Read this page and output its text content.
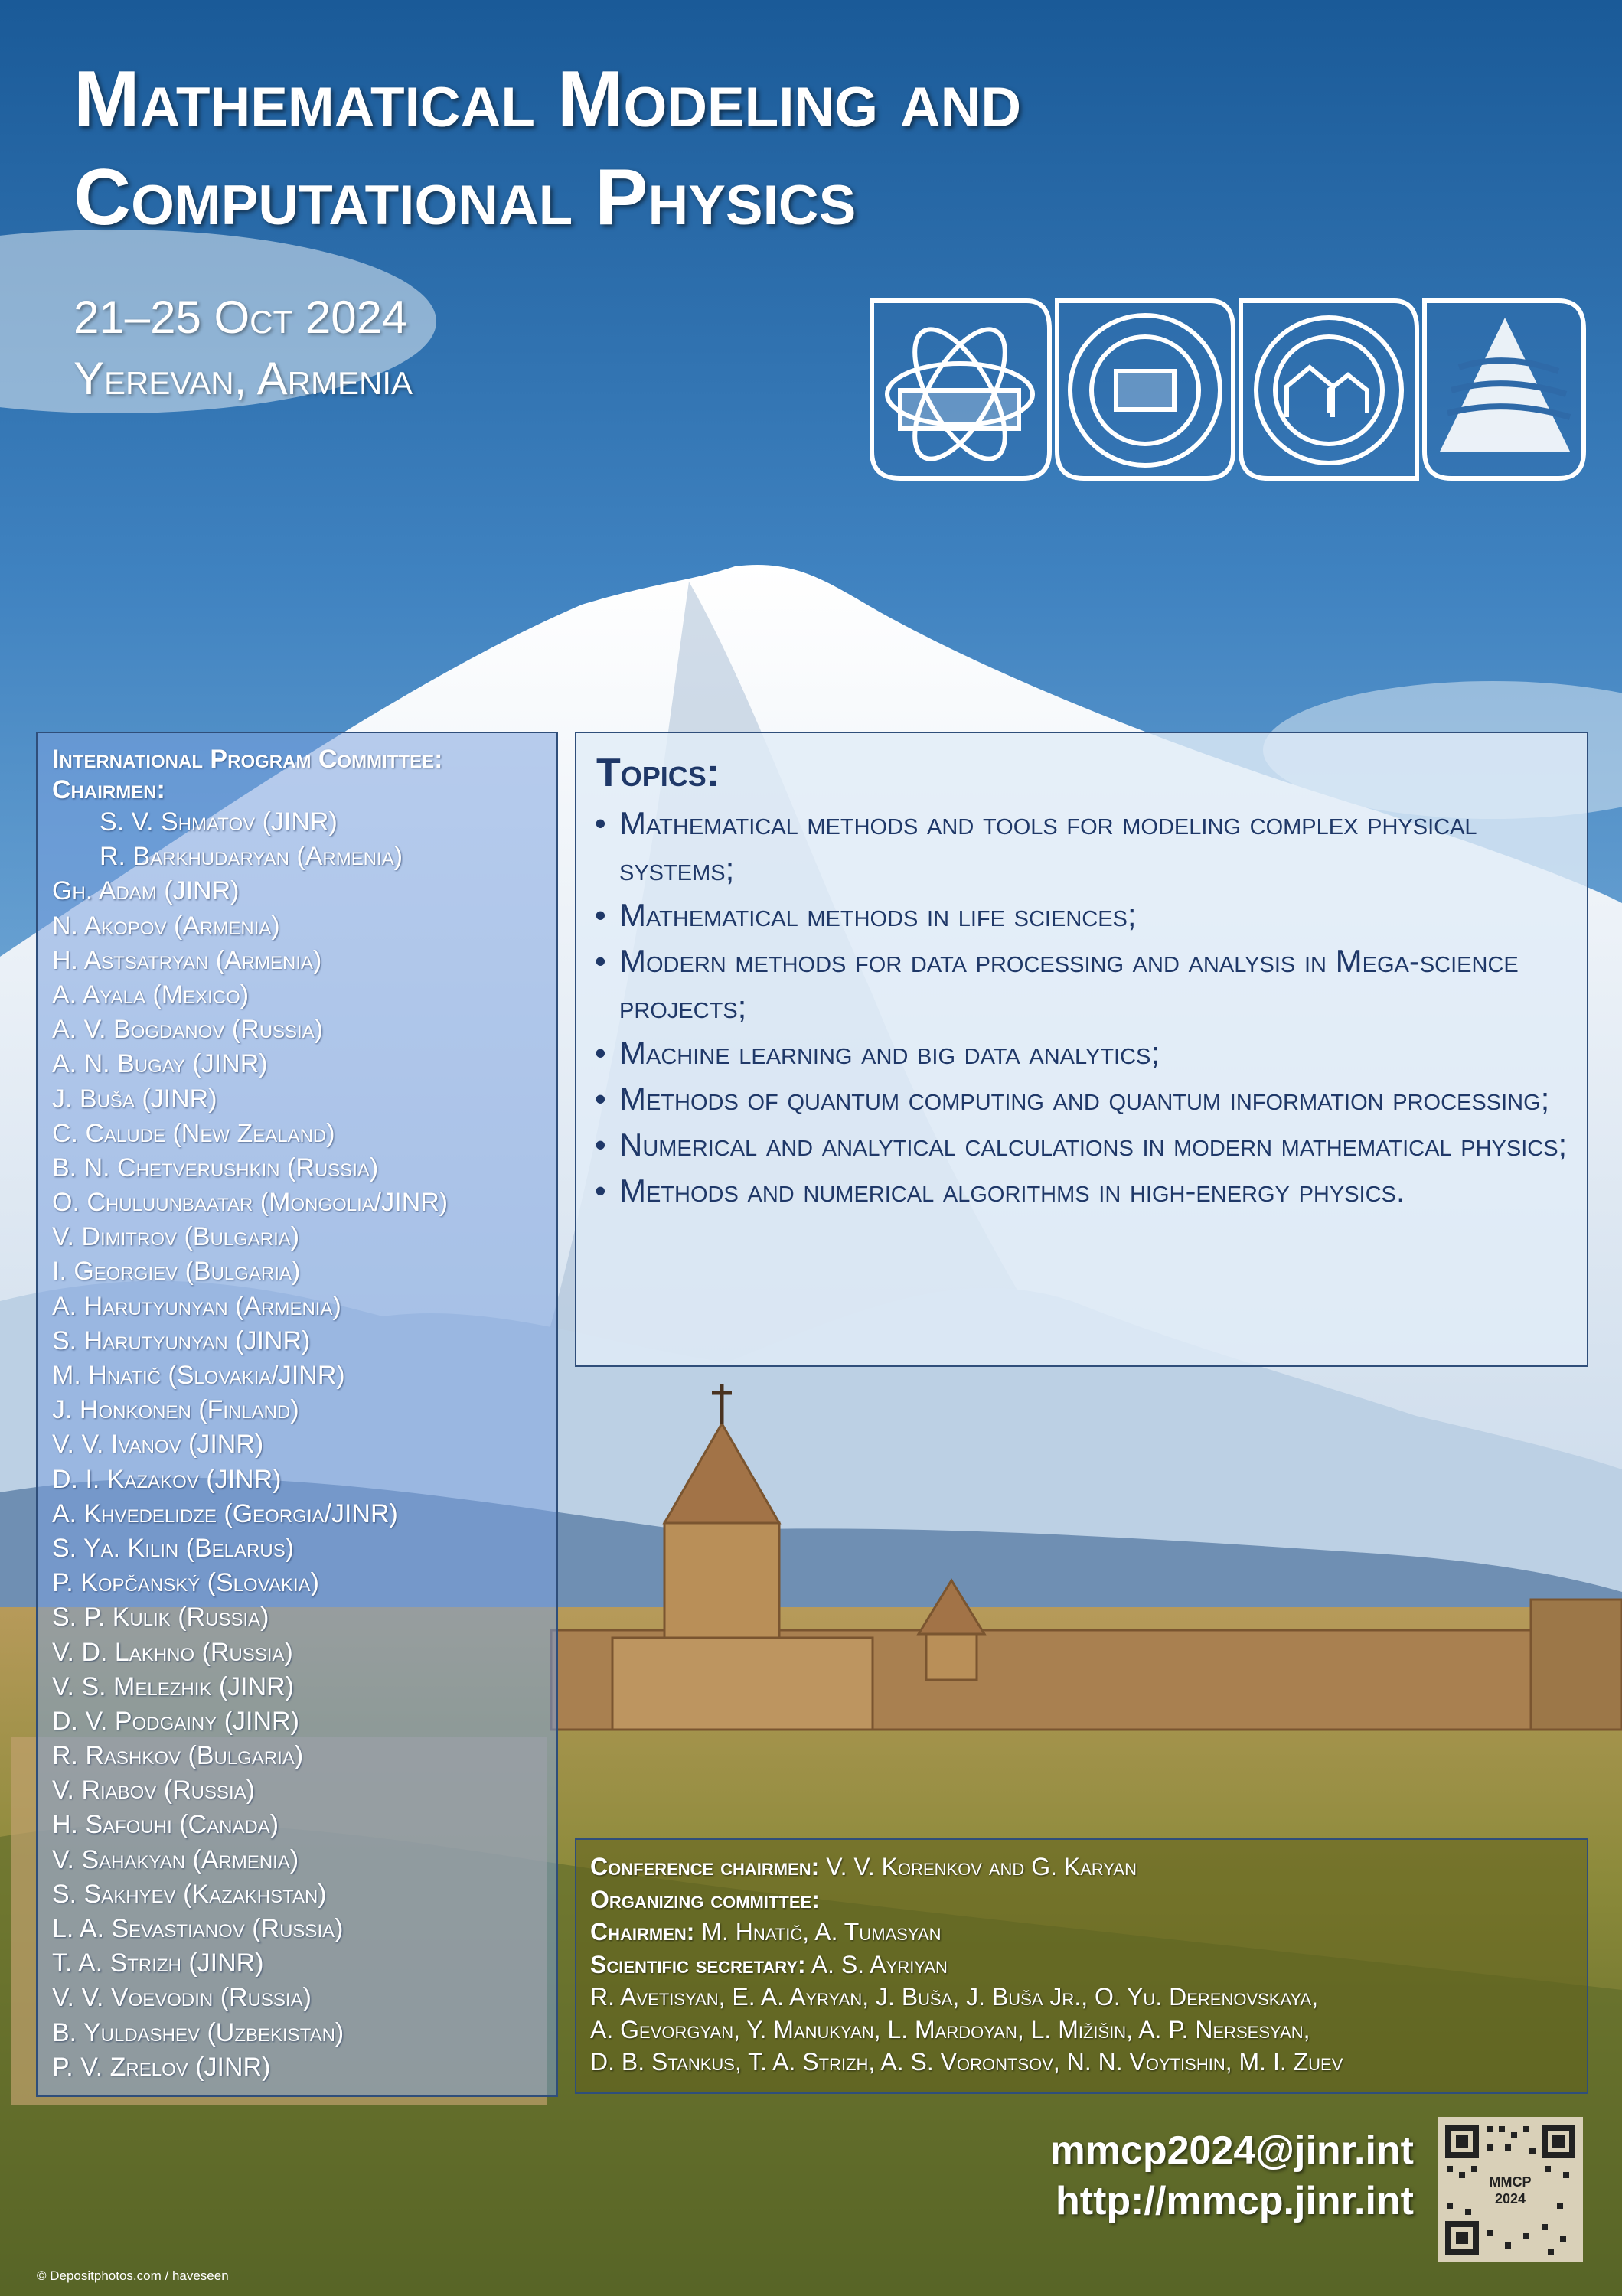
Mathematical Modeling and
Computational Physics
21–25 Oct 2024
Yerevan, Armenia
International Program Committee:
Chairmen:
S. V. Shmatov (JINR)
R. Barkhudaryan (Armenia)
Gh. Adam (JINR)
N. Akopov (Armenia)
H. Astsatryan (Armenia)
A. Ayala (Mexico)
A. V. Bogdanov (Russia)
A. N. Bugay (JINR)
J. Buša (JINR)
C. Calude (New Zealand)
B. N. Chetverushkin (Russia)
O. Chuluunbaatar (Mongolia/JINR)
V. Dimitrov (Bulgaria)
I. Georgiev (Bulgaria)
A. Harutyunyan (Armenia)
S. Harutyunyan (JINR)
M. Hnatič (Slovakia/JINR)
J. Honkonen (Finland)
V. V. Ivanov (JINR)
D. I. Kazakov (JINR)
A. Khvedelidze (Georgia/JINR)
S. Ya. Kilin (Belarus)
P. Kopčanský (Slovakia)
S. P. Kulik (Russia)
V. D. Lakhno (Russia)
V. S. Melezhik (JINR)
D. V. Podgainy (JINR)
R. Rashkov (Bulgaria)
V. Riabov (Russia)
H. Safouhi (Canada)
V. Sahakyan (Armenia)
S. Sakhyev (Kazakhstan)
L. A. Sevastianov (Russia)
T. A. Strizh (JINR)
V. V. Voevodin (Russia)
B. Yuldashev (Uzbekistan)
P. V. Zrelov (JINR)
Topics:
• Mathematical methods and tools for modeling complex physical systems;
• Mathematical methods in life sciences;
• Modern methods for data processing and analysis in Mega-science projects;
• Machine learning and big data analytics;
• Methods of quantum computing and quantum information processing;
• Numerical and analytical calculations in modern mathematical physics;
• Methods and numerical algorithms in high-energy physics.
Conference chairmen: V. V. Korenkov and G. Karyan
Organizing committee:
Chairmen: M. Hnatič, A. Tumasyan
Scientific secretary: A. S. Ayriyan
R. Avetisyan, E. A. Ayryan, J. Buša, J. Buša Jr., O. Yu. Derenovskaya,
A. Gevorgyan, Y. Manukyan, L. Mardoyan, L. Mižišin, A. P. Nersesyan,
D. B. Stankus, T. A. Strizh, A. S. Vorontsov, N. N. Voytishin, M. I. Zuev
mmcp2024@jinr.int
http://mmcp.jinr.int	MMCP
2024
© Depositphotos.com / haveseen
